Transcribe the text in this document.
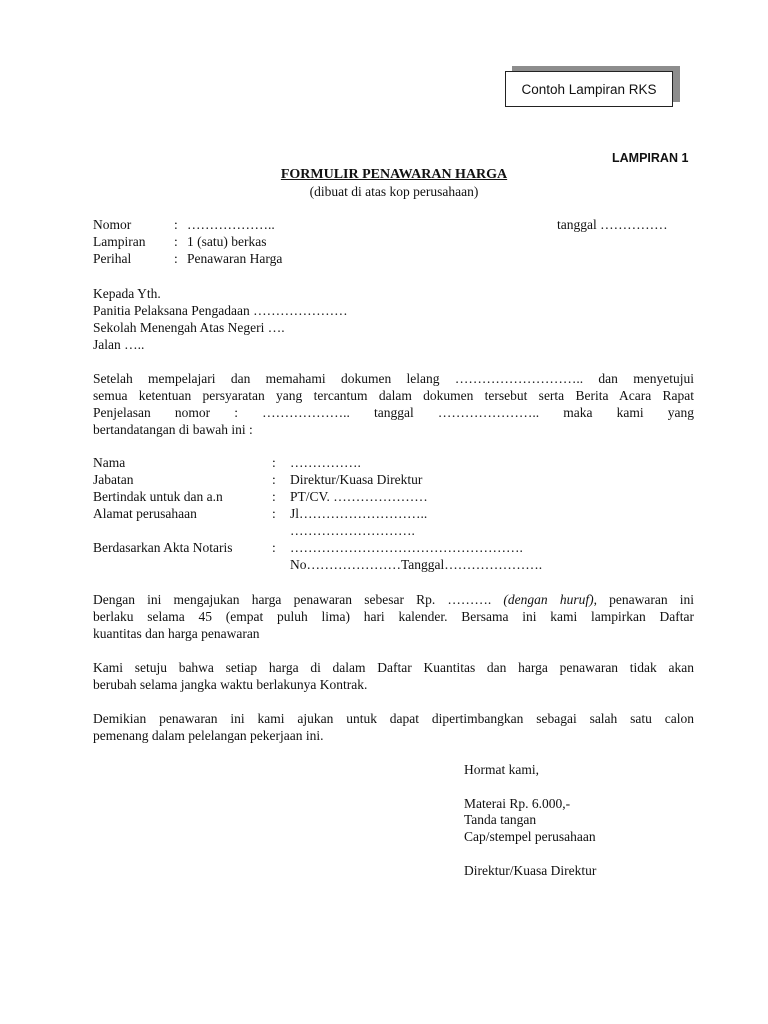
Contoh Lampiran RKS
LAMPIRAN 1
FORMULIR PENAWARAN HARGA
(dibuat di atas kop perusahaan)
Nomor	: ………………..	tanggal ……………
Lampiran : 1 (satu) berkas
Perihal	: Penawaran Harga
Kepada Yth.
Panitia Pelaksana Pengadaan …………………
Sekolah Menengah Atas Negeri ….
Jalan …..
Setelah mempelajari dan memahami dokumen lelang ……………………….. dan menyetujui
semua ketentuan persyaratan yang tercantum dalam dokumen tersebut serta Berita Acara Rapat
Penjelasan nomor : ……………….. tanggal ………………….. maka kami yang
bertandatangan di bawah ini :
Nama	: …………….
Jabatan	: Direktur/Kuasa Direktur
Bertindak untuk dan a.n	: PT/CV. …………………
Alamat perusahaan	: Jl………………………..
……………………….
Berdasarkan Akta Notaris	: …………………………………………….
No…………………Tanggal………………….
Dengan ini mengajukan harga penawaran sebesar Rp. ………. (dengan huruf), penawaran ini
berlaku selama 45 (empat puluh lima) hari kalender. Bersama ini kami lampirkan Daftar
kuantitas dan harga penawaran
Kami setuju bahwa setiap harga di dalam Daftar Kuantitas dan harga penawaran tidak akan
berubah selama jangka waktu berlakunya Kontrak.
Demikian penawaran ini kami ajukan untuk dapat dipertimbangkan sebagai salah satu calon
pemenang dalam pelelangan pekerjaan ini.
Hormat kami,
Materai Rp. 6.000,-
Tanda tangan
Cap/stempel perusahaan
Direktur/Kuasa Direktur
